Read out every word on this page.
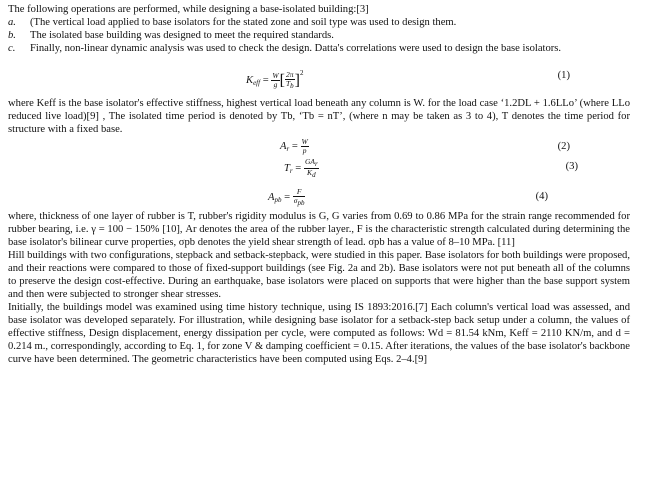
The following operations are performed, while designing a base-isolated building:[3]

a.	(The vertical load applied to base isolators for the stated zone and soil type was used to design them.
b.	The isolated base building was designed to meet the required standards.
c.	Finally, non-linear dynamic analysis was used to check the design. Datta's correlations were used to design the base isolators.
$K_{eff} = \frac{W}{g}$ [ $\frac{2\pi}{Tb} ]^2$	(1)

where Keff is the base isolator's effective stiffness, highest vertical load beneath any column is W. for the load case ‘1.2DL + 1.6LLo’ (where LLo reduced live load)[9] , The isolated time period is denoted by Tb, ‘Tb = nT’, (where n may be taken as 3 to 4), T denotes the time period for structure with a fixed base.

$A_r = \frac{W}{p}$	(2)
$T_r = \frac{\text{GAr}}{Kd}$	(3)
$A_{pb} = \frac{F}{\text{σpb}}$	(4)

where, thickness of one layer of rubber is T, rubber's rigidity modulus is G, G varies from 0.69 to 0.86 MPa for the strain range recommended for rubber bearing, i.e. γ = 100 − 150% [10], Ar denotes the area of the rubber layer., F is the characteristic strength calculated during determining the base isolator's bilinear curve properties, σpb denotes the yield shear strength of lead. σpb has a value of 8–10 MPa. [11]

Hill buildings with two configurations, stepback and setback-stepback, were studied in this paper. Base isolators for both buildings were proposed, and their reactions were compared to those of fixed-support buildings (see Fig. 2a and 2b). Base isolators were not put beneath all of the columns to preserve the design cost-effective. During an earthquake, base isolators were placed on supports that were higher than the base support system and then were subjected to stronger shear stresses.

Initially, the buildings model was examined using time history technique, using IS 1893:2016.[7] Each column's vertical load was assessed, and base isolator was developed separately. For illustration, while designing base isolator for a setback-step back setup under a column, the values of effective stiffness, Design displacement, energy dissipation per cycle, were computed as follows: Wd = 81.54 kNm, Keff = 2110 KN/m, and d = 0.214 m., correspondingly, according to Eq. 1, for zone V & damping coefficient = 0.15. After iterations, the values of the base isolator's backbone curve have been determined. The geometric characteristics have been computed using Eqs. 2–4.[9]
